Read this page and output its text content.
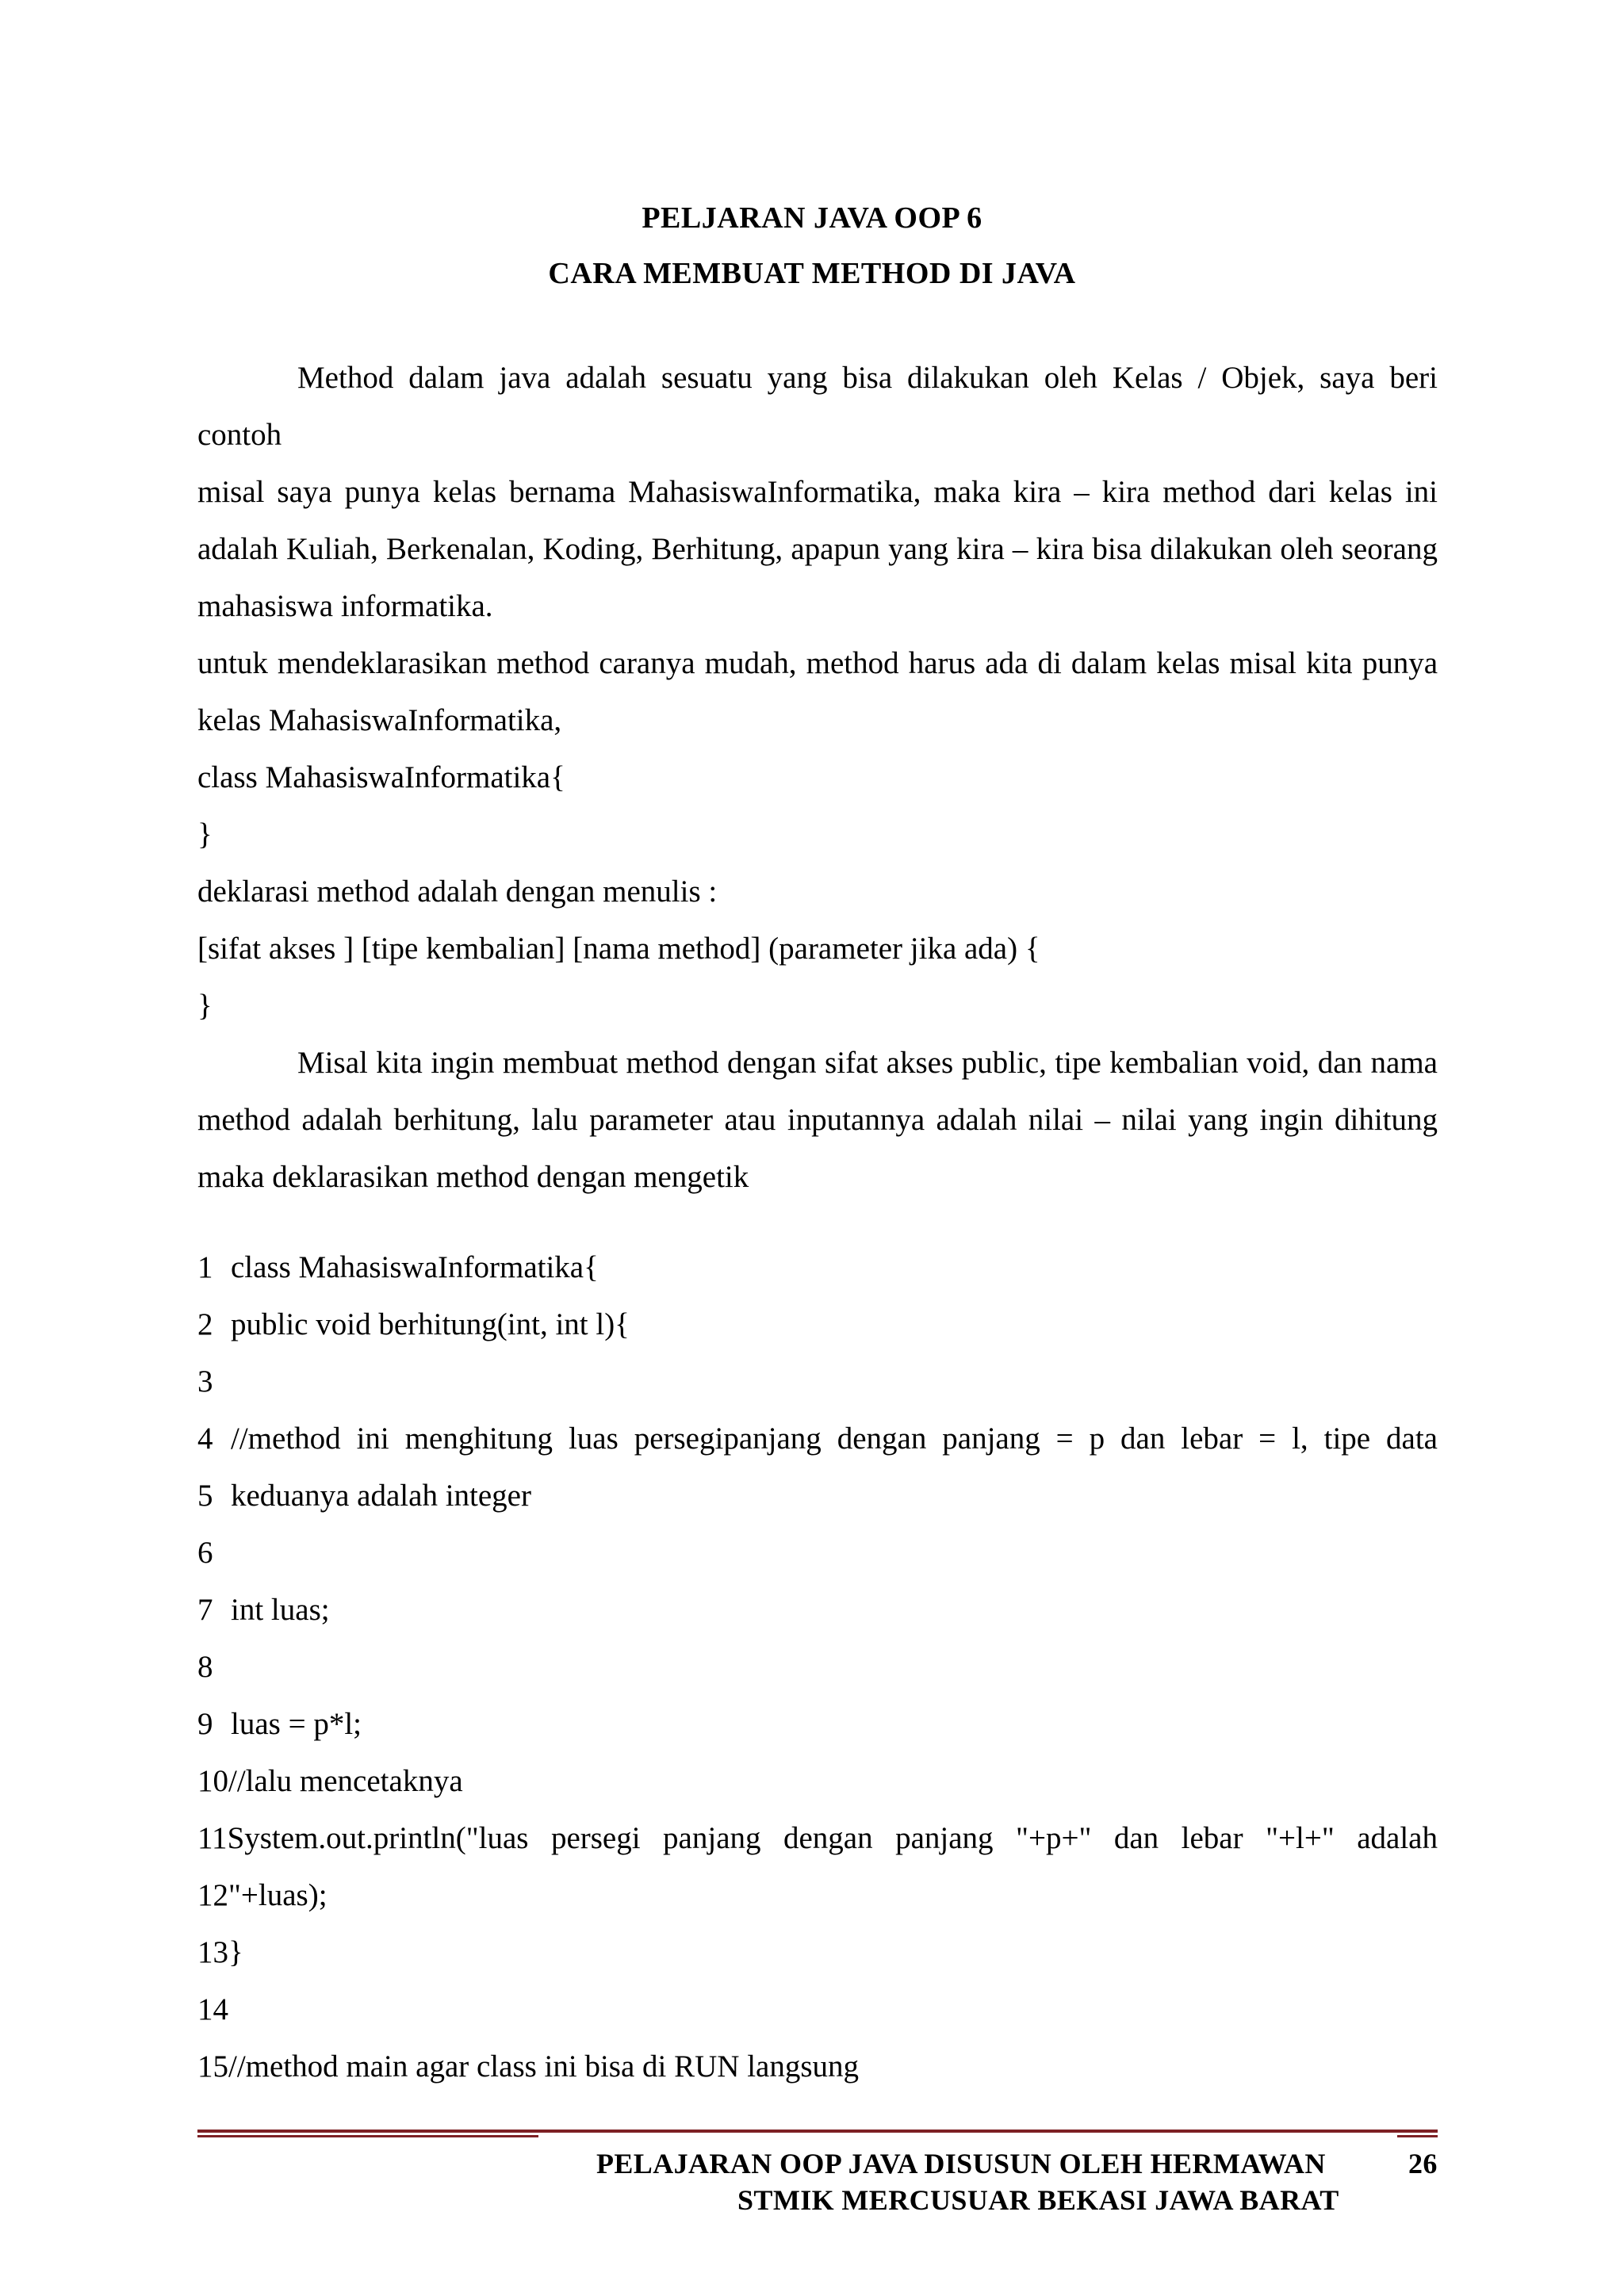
PELJARAN JAVA OOP 6
CARA MEMBUAT METHOD DI JAVA

Method dalam java adalah sesuatu yang bisa dilakukan oleh Kelas / Objek, saya beri

contoh

misal saya punya kelas bernama MahasiswaInformatika, maka kira – kira method dari kelas ini adalah Kuliah, Berkenalan, Koding, Berhitung, apapun yang kira – kira bisa dilakukan oleh seorang mahasiswa informatika.

untuk mendeklarasikan method caranya mudah, method harus ada di dalam kelas misal kita punya kelas MahasiswaInformatika,

class MahasiswaInformatika{

}

deklarasi method adalah dengan menulis :

[sifat akses ] [tipe kembalian] [nama method] (parameter jika ada) {

}

Misal kita ingin membuat method dengan sifat akses public, tipe kembalian void, dan nama method adalah berhitung, lalu parameter atau inputannya adalah nilai – nilai yang ingin dihitung maka deklarasikan method dengan mengetik

1 class MahasiswaInformatika{
2 public void berhitung(int, int l){
3
4 //method ini menghitung luas persegipanjang dengan panjang = p dan lebar = l, tipe data
5 keduanya adalah integer
6
7 int luas;
8
9 luas = p*l;
10 //lalu mencetaknya
11 System.out.println("luas persegi panjang dengan panjang "+p+" dan lebar "+l+" adalah
12 "+luas);
13 }
14
15 //method main agar class ini bisa di RUN langsung
PELAJARAN OOP JAVA DISUSUN OLEH HERMAWAN	26
STMIK MERCUSUAR BEKASI JAWA BARAT
